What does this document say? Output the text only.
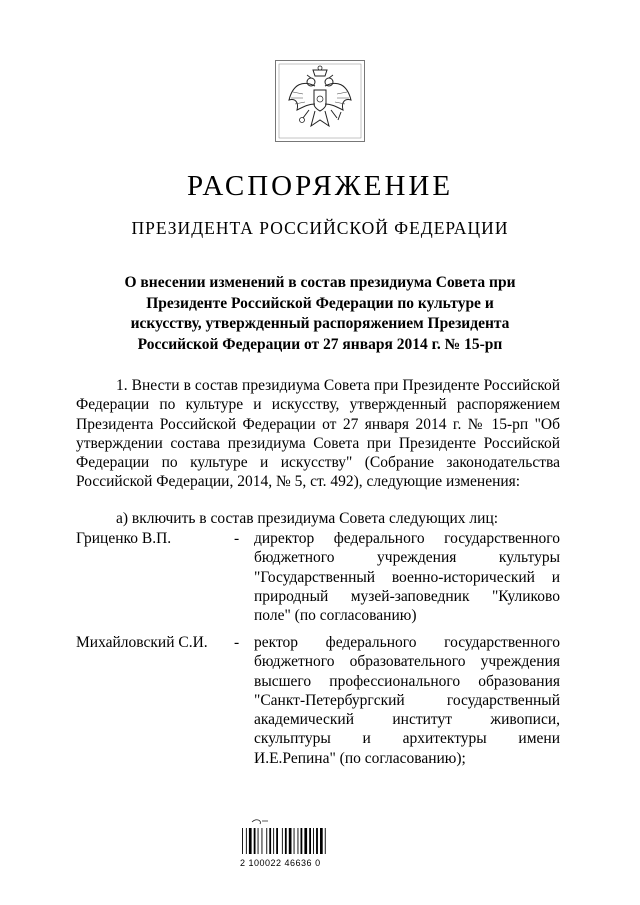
РАСПОРЯЖЕНИЕ
ПРЕЗИДЕНТА РОССИЙСКОЙ ФЕДЕРАЦИИ
О внесении изменений в состав президиума Совета при
Президенте Российской Федерации по культуре и
искусству, утвержденный распоряжением Президента
Российской Федерации от 27 января 2014 г. № 15-рп
1. Внести в состав президиума Совета при Президенте Российской Федерации по культуре и искусству, утвержденный распоряжением Президента Российской Федерации от 27 января 2014 г. № 15-рп "Об утверждении состава президиума Совета при Президенте Российской Федерации по культуре и искусству" (Собрание законодательства Российской Федерации, 2014, № 5, ст. 492), следующие изменения:
а) включить в состав президиума Совета следующих лиц:
Гриценко В.П.	- директор федерального государственного бюджетного учреждения культуры "Государственный военно-исторический и природный музей-заповедник "Куликово поле" (по согласованию)
Михайловский С.И.	- ректор федерального государственного бюджетного образовательного учреждения высшего профессионального образования "Санкт-Петербургский государственный академический институт живописи, скульптуры и архитектуры имени И.Е.Репина" (по согласованию);
2 100022 46636 0
